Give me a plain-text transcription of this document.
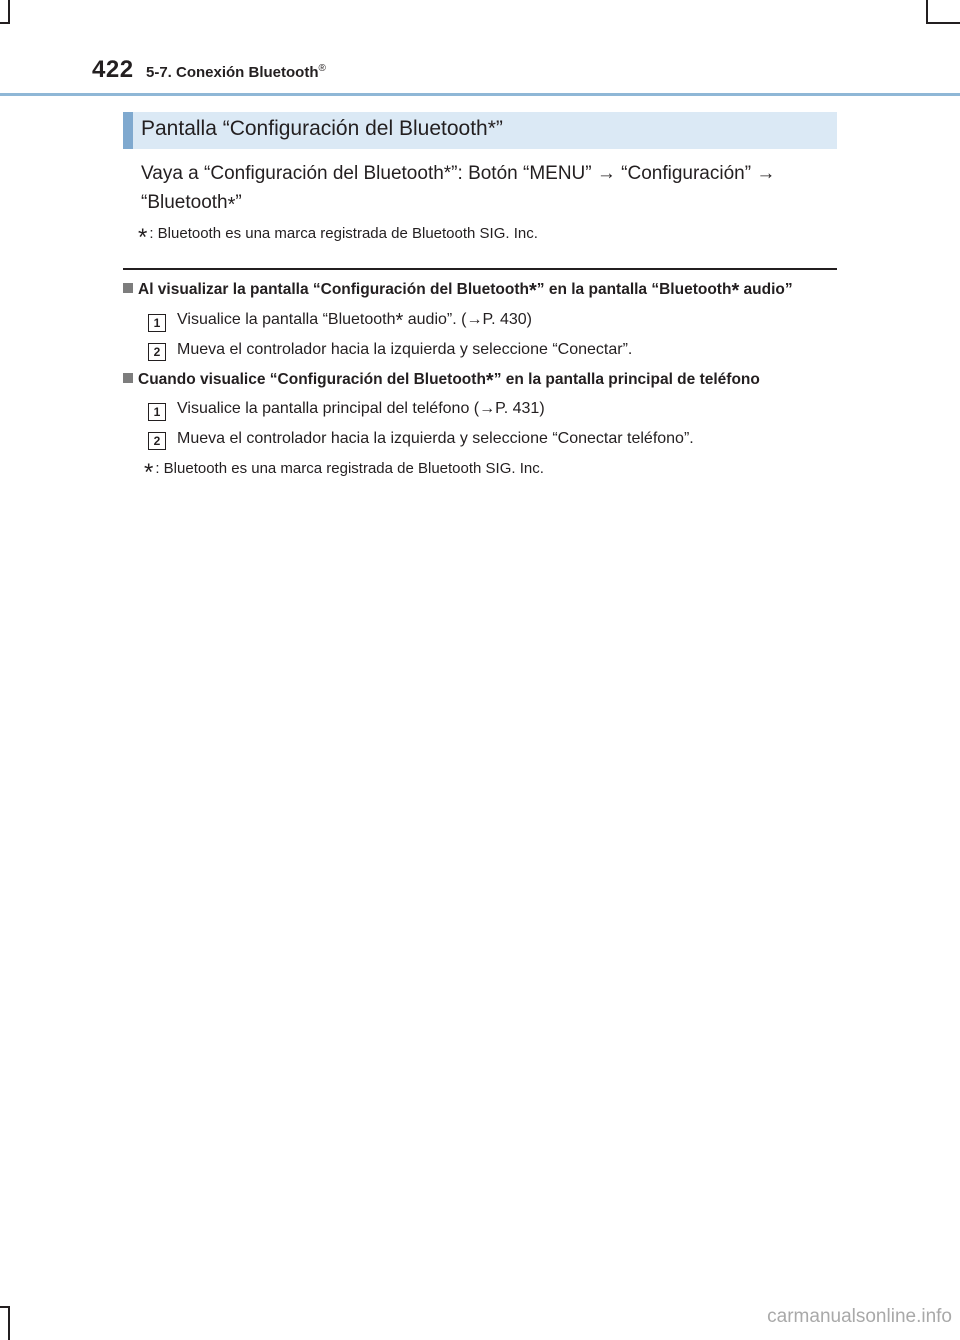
422 5-7. Conexión Bluetooth®
Pantalla “Configuración del Bluetooth*”
Vaya a “Configuración del Bluetooth*”: Botón “MENU” → “Configuración” →
“Bluetooth*”
* : Bluetooth es una marca registrada de Bluetooth SIG. Inc.
Al visualizar la pantalla “Configuración del Bluetooth*” en la pantalla “Bluetooth* audio”
1	Visualice la pantalla “Bluetooth* audio”. (→P. 430)
2	Mueva el controlador hacia la izquierda y seleccione “Conectar”.
Cuando visualice “Configuración del Bluetooth*” en la pantalla principal de teléfono
1	Visualice la pantalla principal del teléfono (→P. 431)
2	Mueva el controlador hacia la izquierda y seleccione “Conectar teléfono”.
* : Bluetooth es una marca registrada de Bluetooth SIG. Inc.
carmanualsonline.info
